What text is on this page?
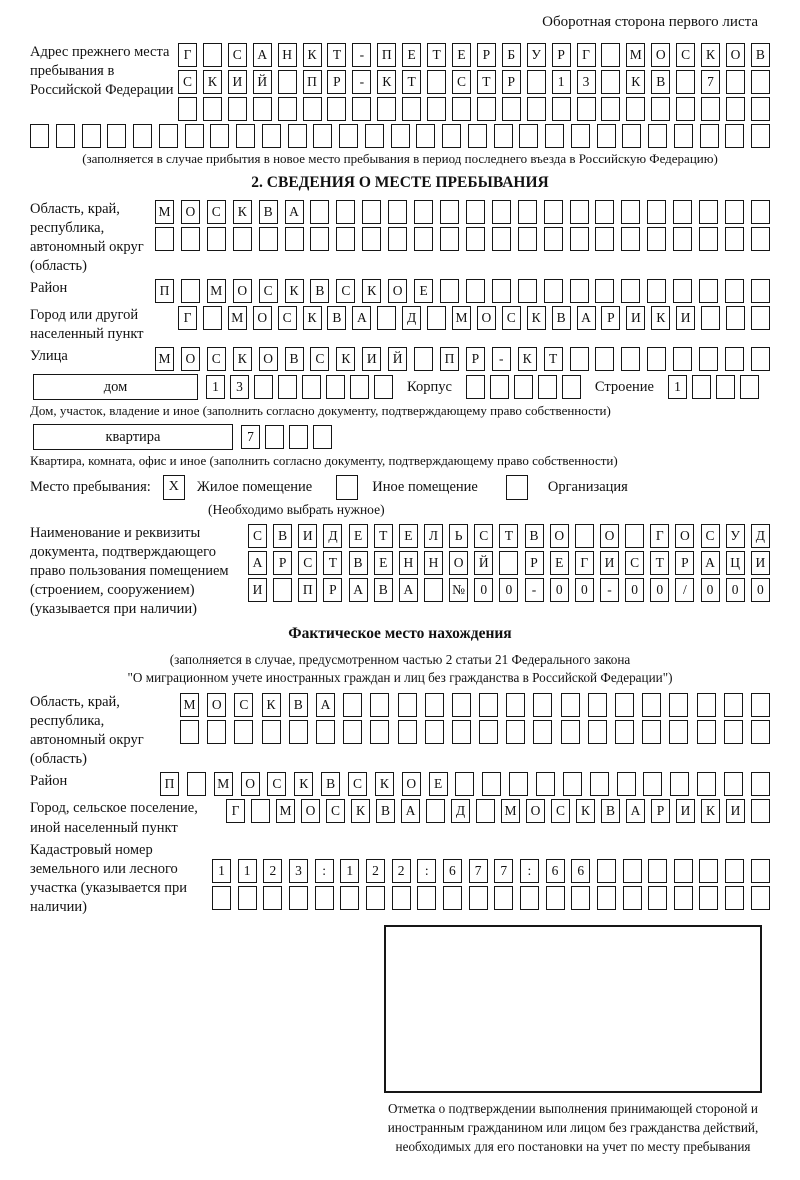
Оборотная сторона первого листа
Адрес прежнего места пребывания в Российской Федерации
Г	С	А	Н	К	Т	-	П	Е	Т	Е	Р	Б	У	Р	Г	М	О	С	К	О	В
С	К	И	Й	П	Р	-	К	Т	С	Т	Р	1	3	К	В	7
(заполняется в случае прибытия в новое место пребывания в период последнего въезда в Российскую Федерацию)
2. СВЕДЕНИЯ О МЕСТЕ ПРЕБЫВАНИЯ
Область, край, республика, автономный округ (область)
М	О	С	К	В	А
Район	П	М	О	С	К	В	С	К	О	Е
Город или другой населенный пункт
Г	М	О	С	К	В	А	Д	М	О	С	К	В	А	Р	И	К	И
Улица	М	О	С	К	О	В	С	К	И	Й	П	Р	-	К	Т
дом	1	3	Корпус	Строение	1
Дом, участок, владение и иное (заполнить согласно документу, подтверждающему право собственности)
квартира	7
Квартира, комната, офис и иное (заполнить согласно документу, подтверждающему право собственности)
Место пребывания:	X	Жилое помещение	Иное помещение	Организация
(Необходимо выбрать нужное)
Наименование и реквизиты документа, подтверждающего право пользования помещением (строением, сооружением) (указывается при наличии)
С	В	И	Д	Е	Т	Е	Л	Ь	С	Т	В	О	О	Г	О	С	У	Д
А	Р	С	Т	В	Е	Н	Н	О	Й	Р	Е	Г	И	С	Т	Р	А	Ц	И
И	П	Р	А	В	А	№	0	0	-	0	0	-	0	0	/	0	0	0
Фактическое место нахождения

(заполняется в случае, предусмотренном частью 2 статьи 21 Федерального закона

"О миграционном учете иностранных граждан и лиц без гражданства в Российской Федерации")

Область, край, республика, автономный округ (область)
М	О	С	К	В	А
Район	П	М	О	С	К	В	С	К	О	Е
Город, сельское поселение, иной населенный пункт
Г	М	О	С	К	В	А	Д	М	О	С	К	В	А	Р	И	К	И
Кадастровый номер земельного или лесного участка (указывается при наличии)
1	1	2	3	:	1	2	2	:	6	7	7	:	6	6
Отметка о подтверждении выполнения принимающей стороной и иностранным гражданином или лицом без гражданства действий, необходимых для его постановки на учет по месту пребывания
